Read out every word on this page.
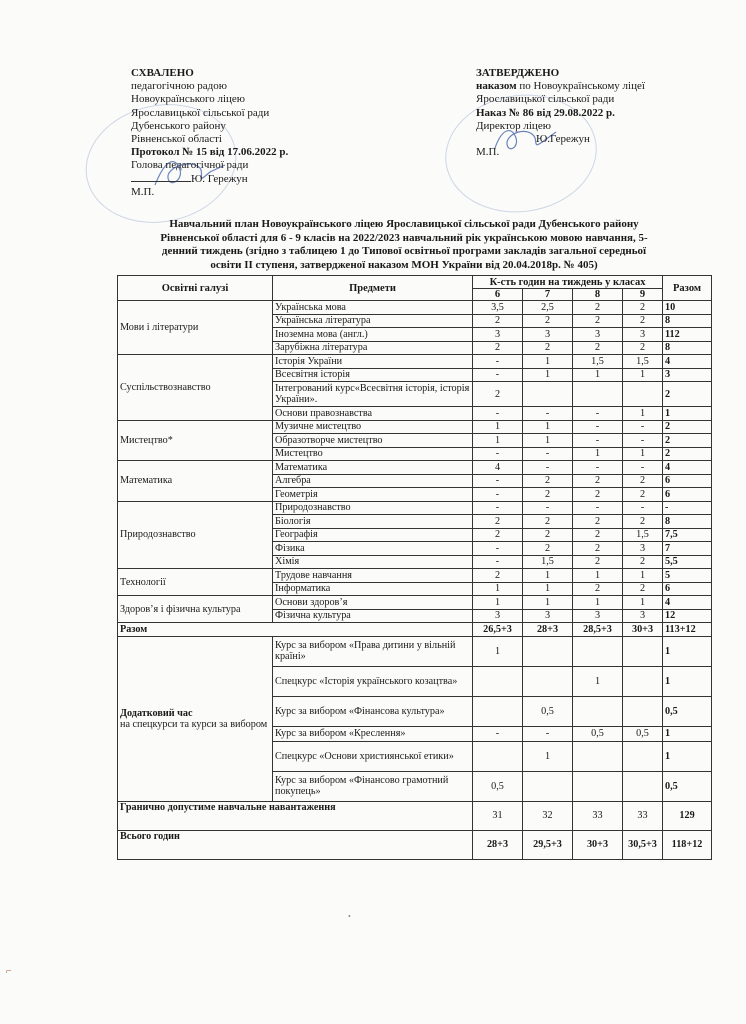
СХВАЛЕНО
педагогічною радою
Новоукраїнського ліцею
Ярославицької сільської ради
Дубенського району
Рівненської області
Протокол № 15 від 17.06.2022 р.
Голова педагогічної ради
Ю. Гережун
М.П.
ЗАТВЕРДЖЕНО
наказом по Новоукраїнському ліцеї
Ярославицької сільської ради
Наказ № 86 від 29.08.2022 р.
Директор ліцею
Ю.Гережун
М.П.
Навчальний план Новоукраїнського ліцею Ярославицької сільської ради Дубенського району
Рівненської області для 6 - 9 класів на 2022/2023 навчальний рік українською мовою навчання, 5-
денний тиждень (згідно з таблицею 1 до Типової освітньої програми закладів загальної середньої
освіти ІІ ступеня, затвердженої наказом МОН України від 20.04.2018р. № 405)
Освітні галузі	Предмети	К-сть годин на тиждень у класах				Разом
		6	7	8	9	
Мови і літератури	Українська мова	3,5	2,5	2	2	10
	Українська література	2	2	2	2	8
	Іноземна мова (англ.)	3	3	3	3	112
	Зарубіжна література	2	2	2	2	8
Суспільствознавство	Історія України	-	1	1,5	1,5	4
	Всесвітня історія	-	1	1	1	3
	Інтегрований курс«Всесвітня історія, історія України».	2				2
	Основи правознавства	-	-	-	1	1
Мистецтво*	Музичне мистецтво	1	1	-	-	2
	Образотворче мистецтво	1	1	-	-	2
	Мистецтво	-	-	1	1	2
Математика	Математика	4	-	-	-	4
	Алгебра	-	2	2	2	6
	Геометрія	-	2	2	2	6
Природознавство	Природознавство	-	-	-	-	-
	Біологія	2	2	2	2	8
	Географія	2	2	2	1,5	7,5
	Фізика	-	2	2	3	7
	Хімія	-	1,5	2	2	5,5
Технології	Трудове навчання	2	1	1	1	5
	Інформатика	1	1	2	2	6
Здоров’я і фізична культура	Основи здоров’я	1	1	1	1	4
	Фізична культура	3	3	3	3	12
Разом		26,5+3	28+3	28,5+3	30+3	113+12

Додатковий час
на спецкурси та курси за вибором	Курс за вибором «Права дитини у вільній країні»	1				1
	Спецкурс «Історія українського козацтва»			1		1
	Курс за вибором «Фінансова культура»		0,5			0,5
	Курс за вибором «Креслення»	-	-	0,5	0,5	1
	Спецкурс «Основи християнської етики»		1			1
	Курс за вибором «Фінансово грамотний покупець»	0,5				0,5
Гранично допустиме навчальне навантаження		31	32	33	33	129
Всього годин		28+3	29,5+3	30+3	30,5+3	118+12
•
⌐
